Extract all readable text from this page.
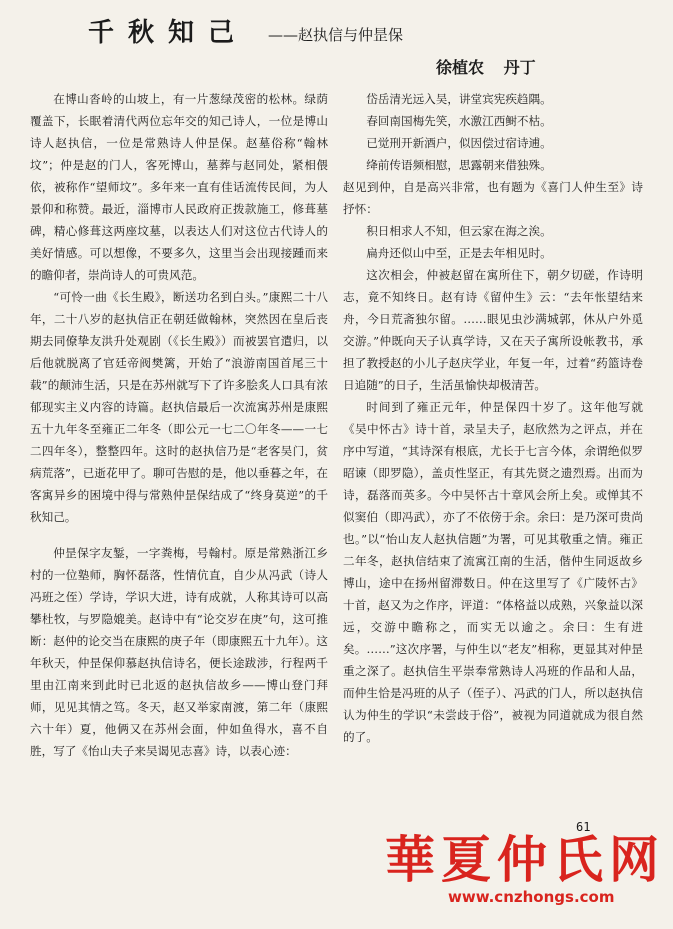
千秋知己 ——赵执信与仲昰保
徐植农 丹丁

在博山沓岭的山坡上，有一片葱绿茂密的松林。绿荫覆盖下，长眠着清代两位忘年交的知己诗人，一位是博山诗人赵执信，一位是常熟诗人仲昰保。赵墓俗称“翰林坟”；仲是赵的门人，客死博山，墓葬与赵同处，紧相偎依，被称作“望师坟”。多年来一直有佳话流传民间，为人景仰和称赞。最近，淄博市人民政府正拨款施工，修葺墓碑，精心修葺这两座坟墓，以表达人们对这位古代诗人的美好情感。可以想像，不要多久，这里当会出现接踵而来的瞻仰者，崇尚诗人的可贵风范。

“可怜一曲《长生殿》，断送功名到白头。”康熙二十八年，二十八岁的赵执信正在朝廷做翰林，突然因在皇后丧期去同僚挚友洪升处观剧（《长生殿》）而被罢官遣归，以后他就脱离了官廷帝阀樊篱，开始了“浪游南国首尾三十载”的颠沛生活，只是在苏州就写下了许多脍炙人口具有浓郁现实主义内容的诗篇。赵执信最后一次流寓苏州是康熙五十九年冬至雍正二年冬（即公元一七二〇年冬——一七二四年冬），整整四年。这时的赵执信乃是“老客吴门，贫病荒落”，已逝花甲了。聊可告慰的是，他以垂暮之年，在客寓异乡的困境中得与常熟仲昰保结成了“终身莫逆”的千秋知己。

仲昰保字友錾，一字粪梅，号翰村。原是常熟浙江乡村的一位塾师，胸怀磊落，性情伉直，自少从冯武（诗人冯班之侄）学诗，学识大进，诗有成就，人称其诗可以高攀杜牧，与罗隐媲美。赵诗中有“论交岁在庚”句，这可推断：赵仲的论交当在康熙的庚子年（即康熙五十九年）。这年秋天，仲昰保仰慕赵执信诗名，便长途跋涉，行程两千里由江南来到此时已北返的赵执信故乡——博山登门拜师，见见其情之笃。冬天，赵又举家南渡，第二年（康熙六十年）夏，他俩又在苏州会面，仲如鱼得水，喜不自胜，写了《怡山夫子来吴谒见志喜》诗，以表心迹：

岱岳清光远入吴，讲堂宾宪疾趋隅。

春回南国梅先笑，水激江西鲥不枯。

已觉刑开新酒户，似因偿过宿诗逋。

绛前传语频相慰，思露朝来借独殊。

赵见到仲，自是高兴非常，也有题为《喜门人仲生至》诗抒怀：

积日相求人不知，但云家在海之涘。

扁舟还似山中至，正是去年相见时。

这次相会，仲被赵留在寓所住下，朝夕切磋，作诗明志，竟不知终日。赵有诗《留仲生》云：“去年怅望结来舟，今日荒斋独尔留。……眼见虫沙满城郭，休从户外觅交游。”仲既向天子认真学诗，又在天子寓所设帐教书，承担了教授赵的小儿子赵庆学业，年复一年，过着“药篮诗卷日追随”的日子，生活虽愉快却极清苦。

时间到了雍正元年，仲昰保四十岁了。这年他写就《吴中怀古》诗十首，录呈夫子，赵欣然为之评点，并在序中写道，“其诗深有根底，尤长于七言今体，余谓绝似罗昭谏（即罗隐），盖贞性坚正，有其先贤之遗烈焉。出而为诗，磊落而英多。今中吴怀古十章风会所上矣。或惮其不似窦伯（即冯武），亦了不依傍于余。余曰：是乃深可贵尚也。”以“怡山友人赵执信题”为署，可见其敬重之情。雍正二年冬，赵执信结束了流寓江南的生活，偕仲生同返故乡博山，途中在扬州留滞数日。仲在这里写了《广陵怀古》十首，赵又为之作序，评道：“体格益以成熟，兴象益以深远，交游中瞻称之，而实无以逾之。余曰：生有进矣。……”这次序署，与仲生以“老友”相称，更显其对仲昰重之深了。赵执信生平崇奉常熟诗人冯班的作品和人品，而仲生恰是冯班的从子（侄子）、冯武的门人，所以赵执信认为仲生的学识“未尝歧于俗”，被视为同道就成为很自然的了。

61
華夏仲氏网
www.cnzhongs.com
